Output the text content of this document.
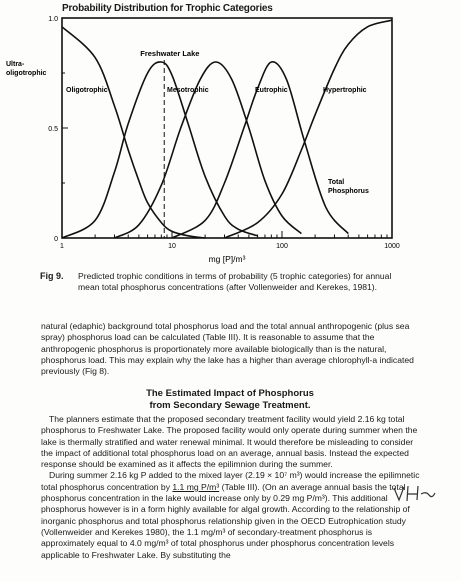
Probability Distribution for Trophic Categories
1	10	100	1000
0
0.5
1.0
Freshwater Lake
Ultra-
oligotrophic
Oligotrophic	Mesotrophic	Eutrophic	Hypertrophic
Total
Phosphorus
mg [P]/m³
Fig 9. Predicted trophic conditions in terms of probability (5 trophic categories) for annual mean total phosphorus concentrations (after Vollenweider and Kerekes, 1981).

natural (edaphic) background total phosphorus load and the total annual anthropogenic (plus sea spray) phosphorus load can be calculated (Table III). It is reasonable to assume that the anthropogenic phosphorus is proportionately more available biologically than is the natural, phosphorus load. This may explain why the lake has a higher than average chlorophyll-a indicated previously (Fig 8).

The Estimated Impact of Phosphorus
from Secondary Sewage Treatment.

The planners estimate that the proposed secondary treatment facility would yield 2.16 kg total phosphorus to Freshwater Lake. The proposed facility would only operate during summer when the lake is thermally stratified and water renewal minimal. It would therefore be misleading to consider the impact of additional total phosphorus load on an average, annual basis. Instead the expected response should be examined as it affects the epilimnion during the summer.

During summer 2.16 kg P added to the mixed layer (2.19 × 10⁷ m³) would increase the epilimnetic total phosphorus concentration by 1.1 mg P/m³ (Table III). (On an average annual basis the total phosphorus concentration in the lake would increase only by 0.29 mg P/m³). This additional phosphorus however is in a form highly available for algal growth. According to the relationship of inorganic phosphorus and total phosphorus relationship given in the OECD Eutrophication study (Vollenweider and Kerekes 1980), the 1.1 mg/m³ of secondary-treatment phosphorus is approximately equal to 4.0 mg/m³ of total phosphorus under phosphorus concentration levels applicable to Freshwater Lake. By substituting the
